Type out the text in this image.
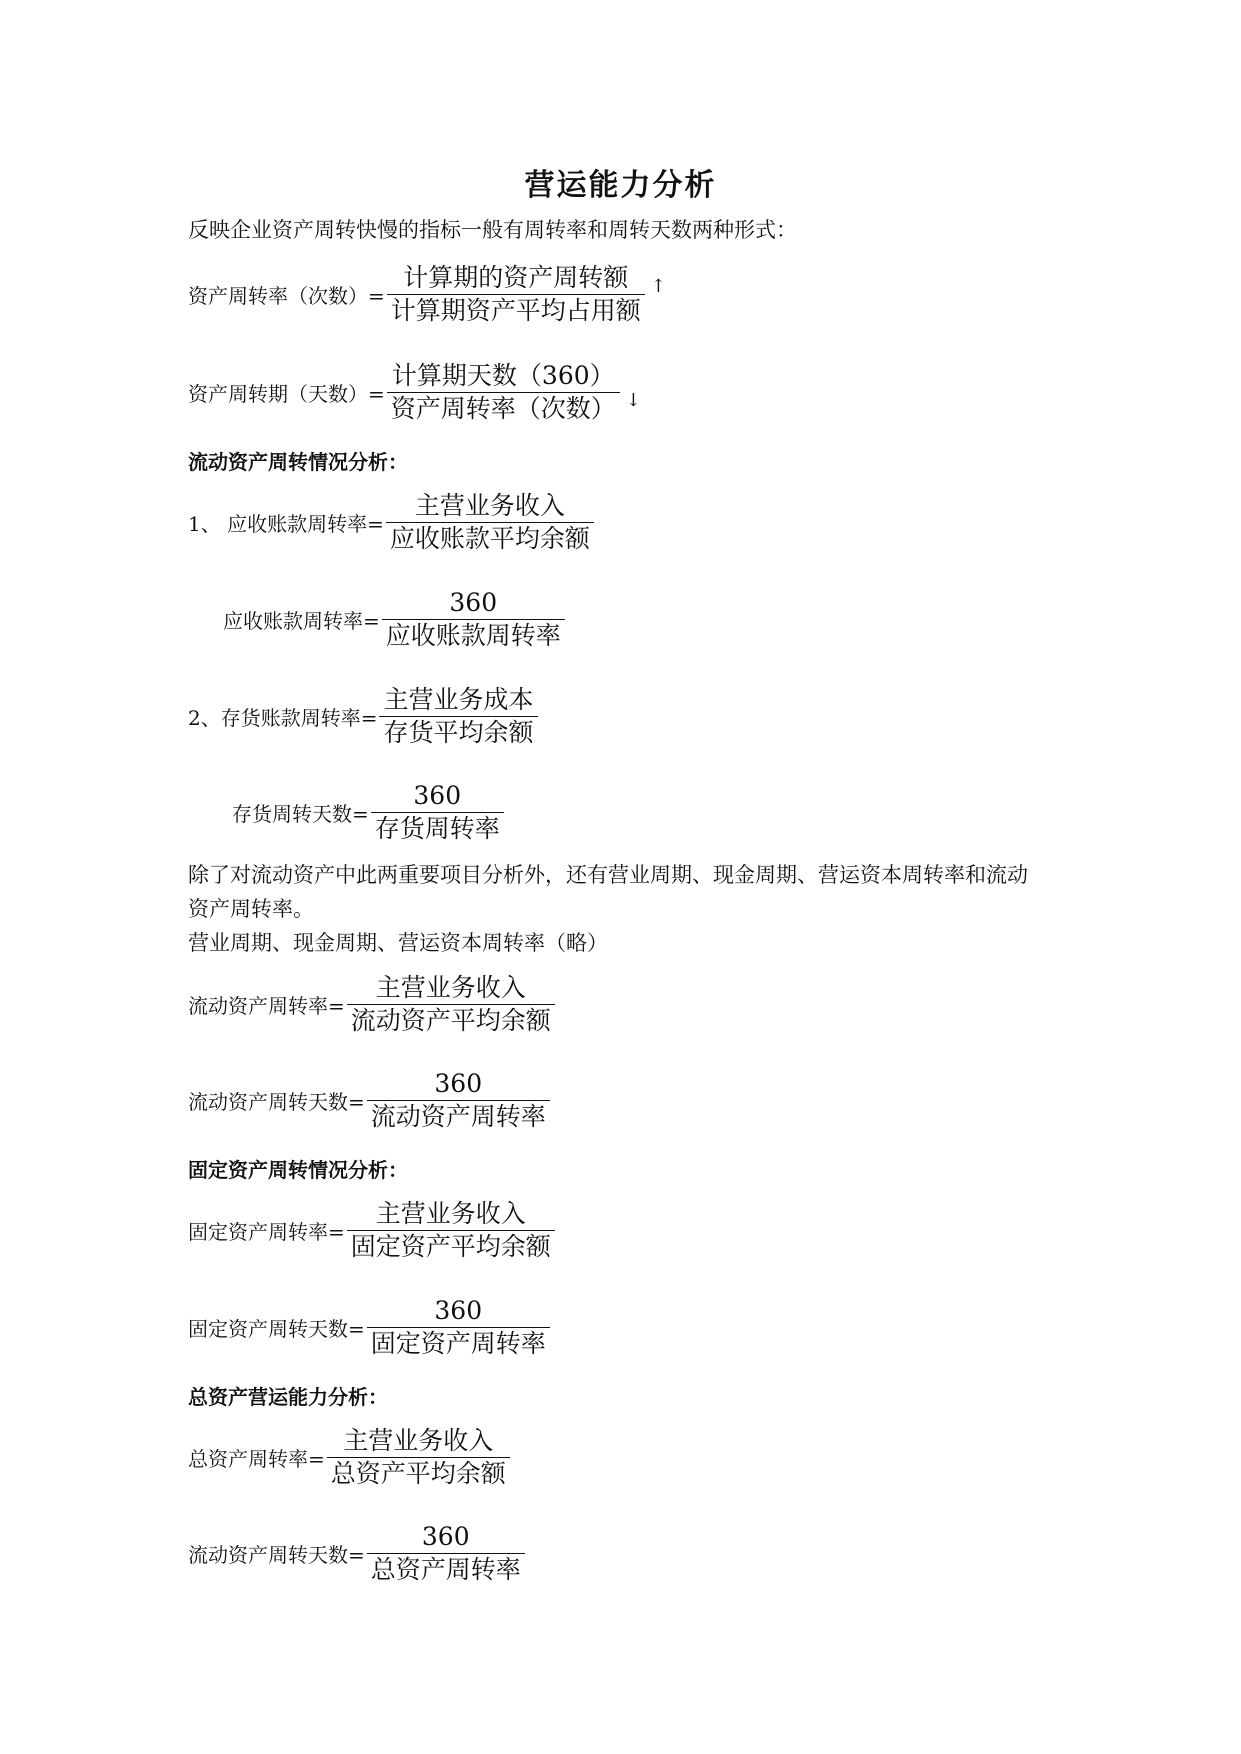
营运能力分析
反映企业资产周转快慢的指标一般有周转率和周转天数两种形式：
资产周转率（次数）= $\frac{\text{计算期的资产周转额}}{\text{计算期资产平均占用额}}$ ↑
资产周转期（天数）= $\frac{\text{计算期天数（360）}}{\text{资产周转率（次数）}}$ ↓
流动资产周转情况分析：
1、 应收账款周转率= $\frac{\text{主营业务收入}}{\text{应收账款平均余额}}$
应收账款周转率= $\frac{360}{\text{应收账款周转率}}$
2、存货账款周转率= $\frac{\text{主营业务成本}}{\text{存货平均余额}}$
存货周转天数= $\frac{360}{\text{存货周转率}}$
除了对流动资产中此两重要项目分析外，还有营业周期、现金周期、营运资本周转率和流动
资产周转率。
营业周期、现金周期、营运资本周转率（略）
流动资产周转率= $\frac{\text{主营业务收入}}{\text{流动资产平均余额}}$
流动资产周转天数= $\frac{360}{\text{流动资产周转率}}$
固定资产周转情况分析：
固定资产周转率= $\frac{\text{主营业务收入}}{\text{固定资产平均余额}}$
固定资产周转天数= $\frac{360}{\text{固定资产周转率}}$
总资产营运能力分析：
总资产周转率= $\frac{\text{主营业务收入}}{\text{总资产平均余额}}$
流动资产周转天数= $\frac{360}{\text{总资产周转率}}$
